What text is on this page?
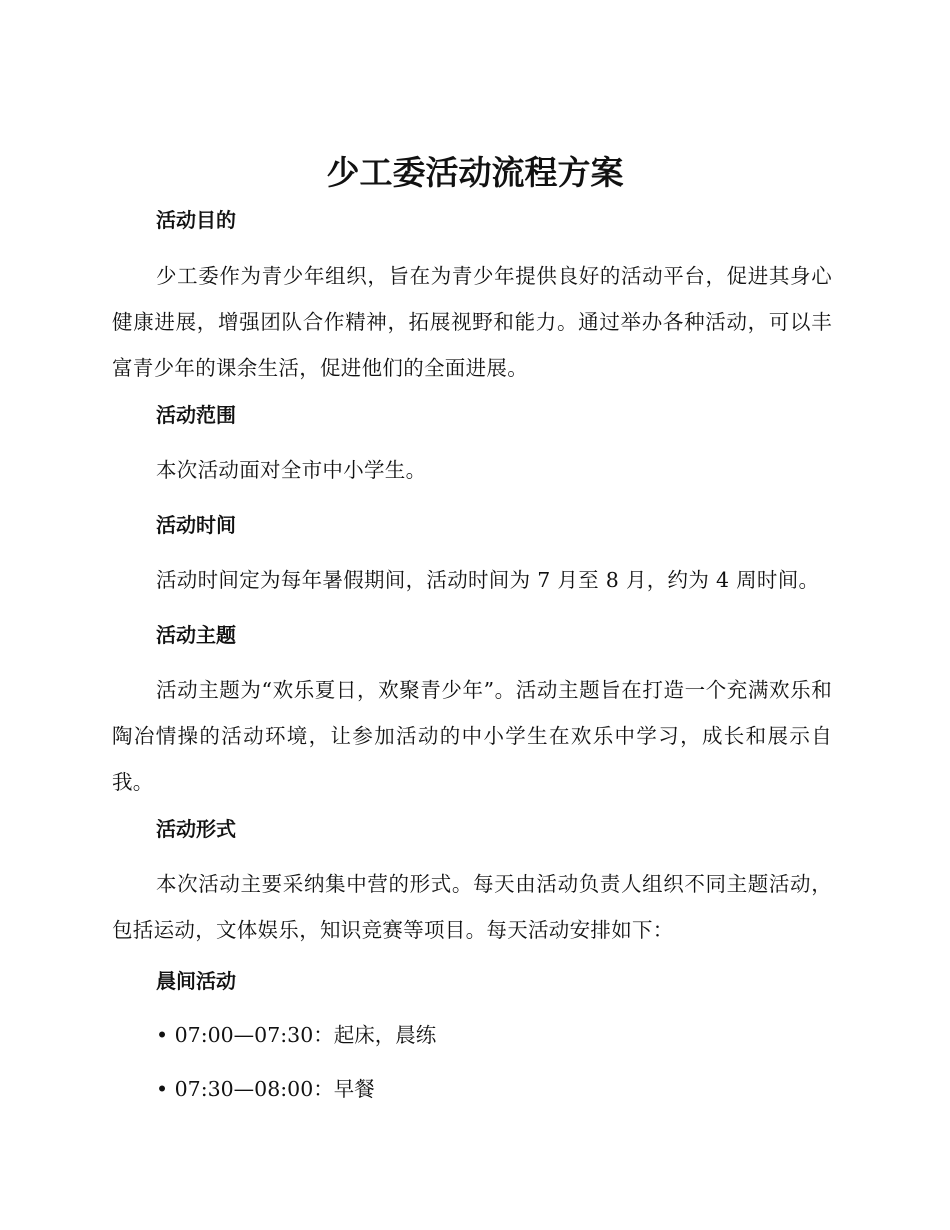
少工委活动流程方案
活动目的

少工委作为青少年组织，旨在为青少年提供良好的活动平台，促进其身心健康进展，增强团队合作精神，拓展视野和能力。通过举办各种活动，可以丰富青少年的课余生活，促进他们的全面进展。

活动范围

本次活动面对全市中小学生。

活动时间

活动时间定为每年暑假期间，活动时间为 7 月至 8 月，约为 4 周时间。

活动主题

活动主题为“欢乐夏日，欢聚青少年”。活动主题旨在打造一个充满欢乐和陶冶情操的活动环境，让参加活动的中小学生在欢乐中学习，成长和展示自我。

活动形式

本次活动主要采纳集中营的形式。每天由活动负责人组织不同主题活动，包括运动，文体娱乐，知识竞赛等项目。每天活动安排如下：

晨间活动

• 07:00—07:30：起床，晨练

• 07:30—08:00：早餐
